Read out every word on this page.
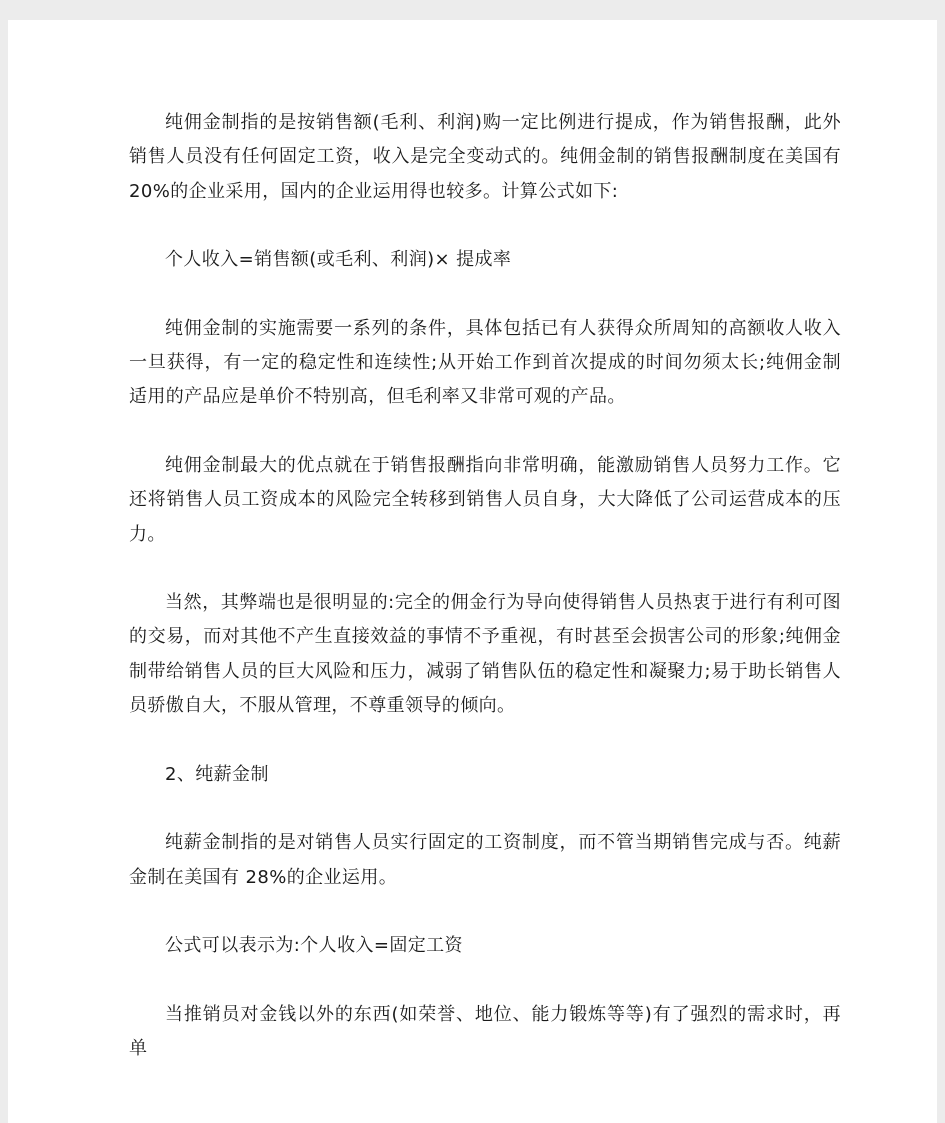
纯佣金制指的是按销售额(毛利、利润)购一定比例进行提成，作为销售报酬，此外销售人员没有任何固定工资，收入是完全变动式的。纯佣金制的销售报酬制度在美国有 20%的企业采用，国内的企业运用得也较多。计算公式如下:

个人收入=销售额(或毛利、利润)× 提成率

纯佣金制的实施需要一系列的条件，具体包括已有人获得众所周知的高额收人收入一旦获得，有一定的稳定性和连续性;从开始工作到首次提成的时间勿须太长;纯佣金制适用的产品应是单价不特别高，但毛利率又非常可观的产品。

纯佣金制最大的优点就在于销售报酬指向非常明确，能激励销售人员努力工作。它还将销售人员工资成本的风险完全转移到销售人员自身，大大降低了公司运营成本的压力。

当然，其弊端也是很明显的:完全的佣金行为导向使得销售人员热衷于进行有利可图的交易，而对其他不产生直接效益的事情不予重视，有时甚至会损害公司的形象;纯佣金制带给销售人员的巨大风险和压力，减弱了销售队伍的稳定性和凝聚力;易于助长销售人员骄傲自大，不服从管理，不尊重领导的倾向。

2、纯薪金制

纯薪金制指的是对销售人员实行固定的工资制度，而不管当期销售完成与否。纯薪金制在美国有 28%的企业运用。

公式可以表示为:个人收入=固定工资

当推销员对金钱以外的东西(如荣誉、地位、能力锻炼等等)有了强烈的需求时，再单
